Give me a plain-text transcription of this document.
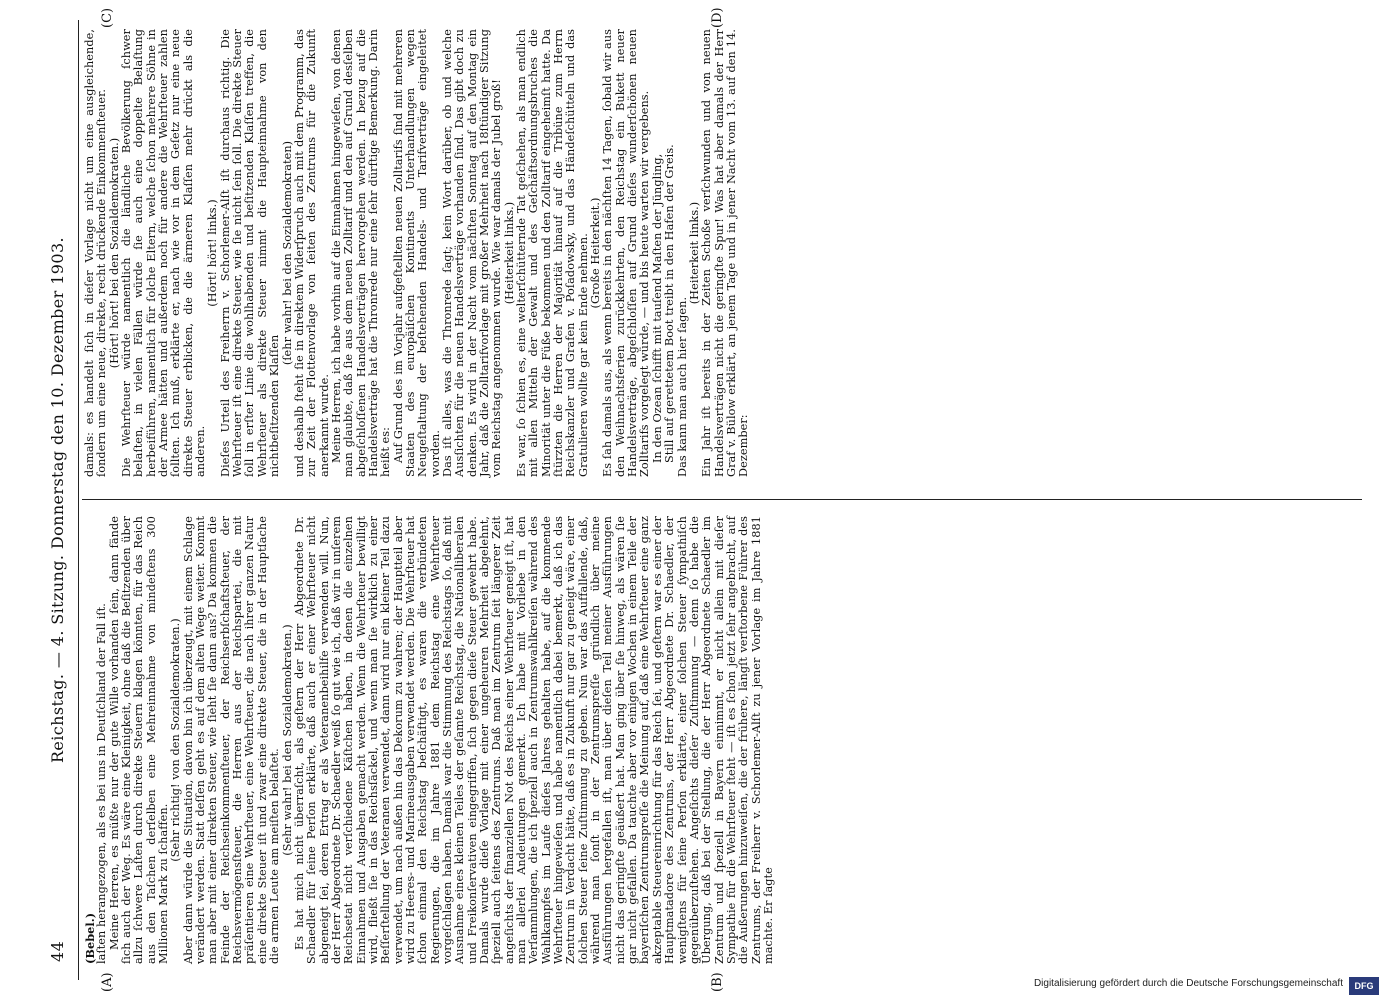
44
Reichstag. — 4. Sitzung. Donnerstag den 10. Dezember 1903.
(A)	(B)
(C)	(D)

(Bebel.)

laſten herangezogen, als es bei uns in Deutſchland der Fall iſt. Meine Herren, es müßte nur der gute Wille vorhanden ſein, dann fände ſich auch der Weg. Es wäre eine Kleinigkeit, ohne daß die Beſitzenden über allzu ſchwere Laſten durch direkte Steuern klagen könnten, für das Reich aus den Taſchen derſelben eine Mehreinnahme von mindeſtens 300 Millionen Mark zu ſchaffen.

(Sehr richtig! von den Sozialdemokraten.) Aber dann würde die Situation, davon bin ich überzeugt, mit einem Schlage verändert werden. Statt deſſen geht es auf dem alten Wege weiter. Kommt man aber mit einer direkten Steuer, wie ſieht ſie dann aus? Da kommen die Feinde der Reichseinkommenſteuer, der Reichserbſchaftsſteuer, der Reichsvermögensſteuer, die Herren aus der Reichspartei, die mit präſentieren eine Wehrſteuer, eine Wehrſteuer, die nach ihrer ganzen Natur eine direkte Steuer iſt und zwar eine direkte Steuer, die in der Hauptſache die armen Leute am meiſten belaſtet.

(Sehr wahr! bei den Sozialdemokraten.) Es hat mich nicht überraſcht, als geſtern der Herr Abgeordnete Dr. Schaedler für ſeine Perſon erklärte, daß auch er einer Wehrſteuer nicht abgeneigt ſei, deren Ertrag er als Veteranenbeihilfe verwenden will. Nun, der Herr Abgeordnete Dr. Schaedler weiß ſo gut wie ich, daß wir in unſerem Reichsetat nicht verſchiedene Käſtchen haben, in denen die einzelnen Einnahmen und Ausgaben gemacht werden. Wenn die Wehrſteuer bewilligt wird, fließt ſie in das Reichsſäckel, und wenn man ſie wirklich zu einer Beſſerſtellung der Veteranen verwendet, dann wird nur ein kleiner Teil dazu verwendet, um nach außen hin das Dekorum zu wahren; der Hauptteil aber wird zu Heeres- und Marineausgaben verwendet werden. Die Wehrſteuer hat ſchon einmal den Reichstag beſchäftigt, es waren die verbündeten Regierungen, die im Jahre 1881 dem Reichstag eine Wehrſteuer vorgeſchlagen haben. Damals war die Stimmung des Reichstags ſo, daß mit Ausnahme eines kleinen Teiles der geſamte Reichstag, die Nationalliberalen und Freikonſervativen eingegriffen, ſich gegen dieſe Steuer gewehrt habe. Damals wurde dieſe Vorlage mit einer ungeheuren Mehrheit abgelehnt, ſpeziell auch ſeitens des Zentrums. Daß man im Zentrum ſeit längerer Zeit angeſichts der finanziellen Not des Reichs einer Wehrſteuer geneigt iſt, hat man allerlei Andeutungen gemerkt. Ich habe mit Vorliebe in den Verſammlungen, die ich ſpeziell auch in Zentrumswahlkreiſen während des Wahlkampfes im Laufe dieſes Jahres gehalten habe, auf die kommende Wehrſteuer hingewieſen und habe namentlich dabei bemerkt, daß ich das Zentrum in Verdacht hätte, daß es in Zukunft nur gar zu geneigt wäre, einer ſolchen Steuer ſeine Zuſtimmung zu geben. Nun war das Auffallende, daß, während man ſonſt in der Zentrumspreſſe gründlich über meine Ausführungen hergefallen iſt, man über dieſen Teil meiner Ausführungen nicht das geringſte geäußert hat. Man ging über ſie hinweg, als wären ſie gar nicht gefallen. Da tauchte aber vor einigen Wochen in einem Teile der bayeriſchen Zentrumspreſſe die Meinung auf, daß eine Wehrſteuer eine ganz akzeptable Steuereinrichtung für das Reich ſei, und geſtern war es einer der Hauptmatadore des Zentrums, der Herr Abgeordnete Dr. Schaedler, der wenigſtens für ſeine Perſon erklärte, einer ſolchen Steuer ſympathiſch gegenüberzuſtehen. Angeſichts dieſer Zuſtimmung — denn ſo habe die Übergung, daß bei der Stellung, die der Herr Abgeordnete Schaedler im Zentrum und ſpeziell in Bayern einnimmt, er nicht allein mit dieſer Sympathie für die Wehrſteuer ſteht — iſt es ſchon jetzt ſehr angebracht, auf die Äußerungen hinzuweiſen, die der frühere, längſt verſtorbene Führer des Zentrums, der Freiherr v. Schorlemer-Alſt zu jener Vorlage im Jahre 1881 machte. Er ſagte

damals: es handelt ſich in dieſer Vorlage nicht um eine ausgleichende, ſondern um eine neue, direkte, recht drückende Einkommenſteuer. (Hört! hört! bei den Sozialdemokraten.) Die Wehrſteuer würde namentlich die ländliche Bevölkerung ſchwer belaſten, in vielen Fällen würde ſie auch eine doppelte Belaſtung herbeiführen, namentlich für ſolche Eltern, welche ſchon mehrere Söhne in der Armee hätten und außerdem noch für andere die Wehrſteuer zahlen ſollten. Ich muß, erklärte er, nach wie vor in dem Geſetz nur eine neue direkte Steuer erblicken, die die ärmeren Klaſſen mehr drückt als die anderen.

(Hört! hört! links.) Dieſes Urteil des Freiherrn v. Schorlemer-Alſt iſt durchaus richtig. Die Wehrſteuer iſt eine direkte Steuer, wie ſie nicht ſein ſoll. Die direkte Steuer ſoll in erſter Linie die wohlhabenden und beſitzenden Klaſſen treffen, die Wehrſteuer als direkte Steuer nimmt die Haupteinnahme von den nichtbeſitzenden Klaſſen

(ſehr wahr! bei den Sozialdemokraten) und deshalb ſteht ſie in direktem Widerſpruch auch mit dem Programm, das zur Zeit der Flottenvorlage von ſeiten des Zentrums für die Zukunft anerkannt wurde. Meine Herren, ich habe vorhin auf die Einnahmen hingewieſen, von denen man glaubte, daß ſie aus dem neuen Zolltarif und den auf Grund desſelben abgeſchloſſenen Handelsverträgen hervorgehen werden. In bezug auf die Handelsverträge hat die Thronrede nur eine ſehr dürftige Bemerkung. Darin heißt es: Auf Grund des im Vorjahr aufgeſtellten neuen Zolltarifs ſind mit mehreren Staaten des europäiſchen Kontinents Unterhandlungen wegen Neugeſtaltung der beſtehenden Handels- und Tarifverträge eingeleitet worden. Das iſt alles, was die Thronrede ſagt; kein Wort darüber, ob und welche Ausſichten für die neuen Handelsverträge vorhanden ſind. Das gibt doch zu denken. Es wird in der Nacht vom nächſten Sonntag auf den Montag ein Jahr, daß die Zolltarifvorlage mit großer Mehrheit nach 18ſtündiger Sitzung vom Reichstag angenommen wurde. Wie war damals der Jubel groß! (Heiterkeit links.) Es war, ſo ſchien es, eine welterſchütternde Tat geſchehen, als man endlich mit allen Mitteln der Gewalt und des Geſchäftsordnungsbruches die Minorität unter die Füße bekommen und den Zolltarif eingeheimſt hatte. Da ſtürzten die Herren der Majorität hinauf auf die Tribüne zum Herrn Reichskanzler und Grafen v. Poſadowsky, und das Händeſchütteln und das Gratulieren wollte gar kein Ende nehmen. (Große Heiterkeit.) Es ſah damals aus, als wenn bereits in den nächſten 14 Tagen, ſobald wir aus den Weihnachtsferien zurückkehrten, den Reichstag ein Bukett neuer Handelsverträge, abgeſchloſſen auf Grund dieſes wunderſchönen neuen Zolltarifs vorgelegt würde, — und bis heute warten wir vergebens. In den Ozean ſchifft mit tauſend Maſten der Jüngling, Still auf gerettetem Boot treibt in den Hafen der Greis. Das kann man auch hier ſagen.

(Heiterkeit links.) Ein Jahr iſt bereits in der Zeiten Schoße verſchwunden und von neuen Handelsverträgen nicht die geringſte Spur! Was hat aber damals der Herr Graf v. Bülow erklärt, an jenem Tage und in jener Nacht vom 13. auf den 14. Dezember:

Digitalisierung gefördert durch die Deutsche Forschungsgemeinschaft	DFG
